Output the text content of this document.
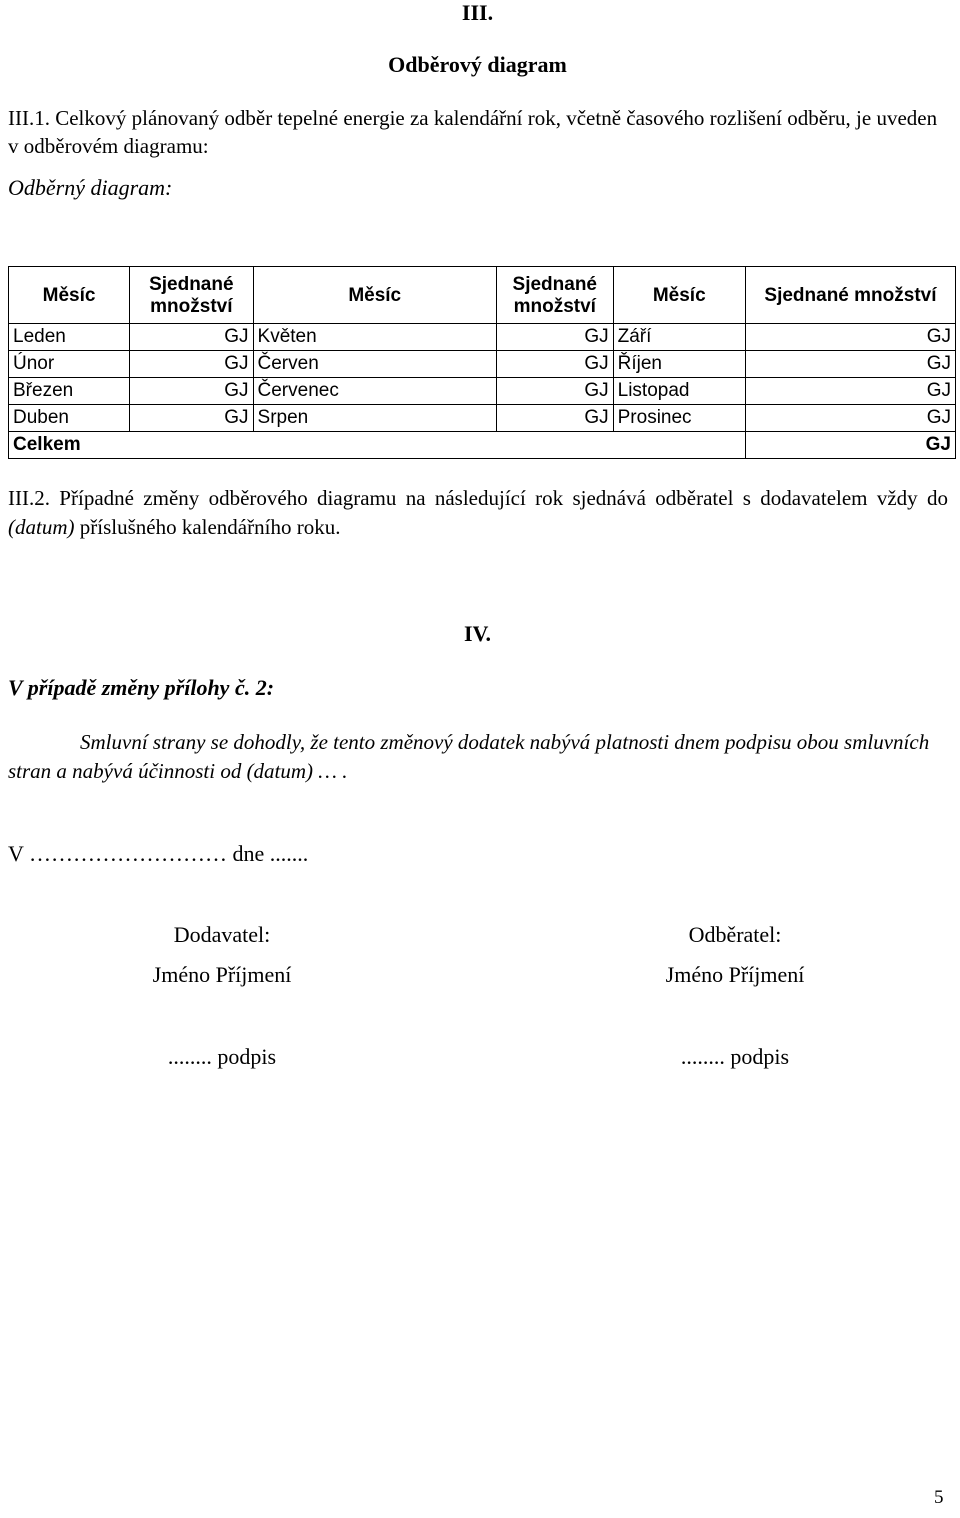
III.
Odběrový diagram
III.1. Celkový plánovaný odběr tepelné energie za kalendářní rok, včetně časového rozlišení odběru, je uveden v odběrovém diagramu:
Odběrný diagram:
Měsíc	Sjednané množství	Měsíc	Sjednané množství	Měsíc	Sjednané množství
Leden	GJ	Květen	GJ	Září	GJ
Únor	GJ	Červen	GJ	Říjen	GJ
Březen	GJ	Červenec	GJ	Listopad	GJ
Duben	GJ	Srpen	GJ	Prosinec	GJ
Celkem					GJ
III.2. Případné změny odběrového diagramu na následující rok sjednává odběratel s dodavatelem vždy do (datum) příslušného kalendářního roku.
IV.
V případě změny přílohy č. 2:
Smluvní strany se dohodly, že tento změnový dodatek nabývá platnosti dnem podpisu obou smluvních stran a nabývá účinnosti od (datum) … .
V ……………………… dne .......
Dodavatel:
Jméno Příjmení
........ podpis
Odběratel:
Jméno Příjmení
........ podpis
5
